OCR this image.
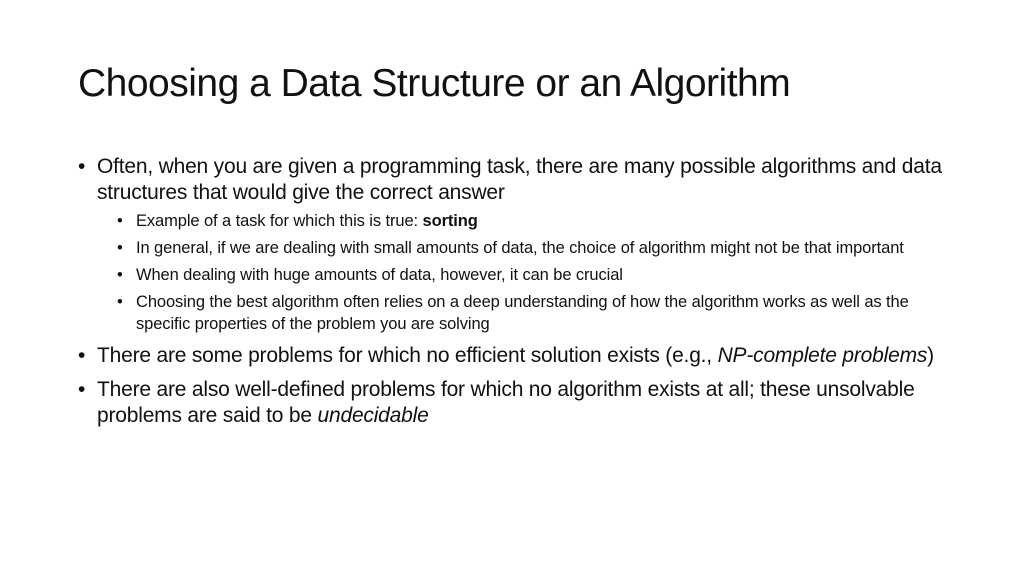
Choosing a Data Structure or an Algorithm
• Often, when you are given a programming task, there are many possible algorithms and data structures that would give the correct answer
• Example of a task for which this is true: sorting
• In general, if we are dealing with small amounts of data, the choice of algorithm might not be that important
• When dealing with huge amounts of data, however, it can be crucial
• Choosing the best algorithm often relies on a deep understanding of how the algorithm works as well as the specific properties of the problem you are solving
• There are some problems for which no efficient solution exists (e.g., NP-complete problems)
• There are also well-defined problems for which no algorithm exists at all; these unsolvable problems are said to be undecidable
